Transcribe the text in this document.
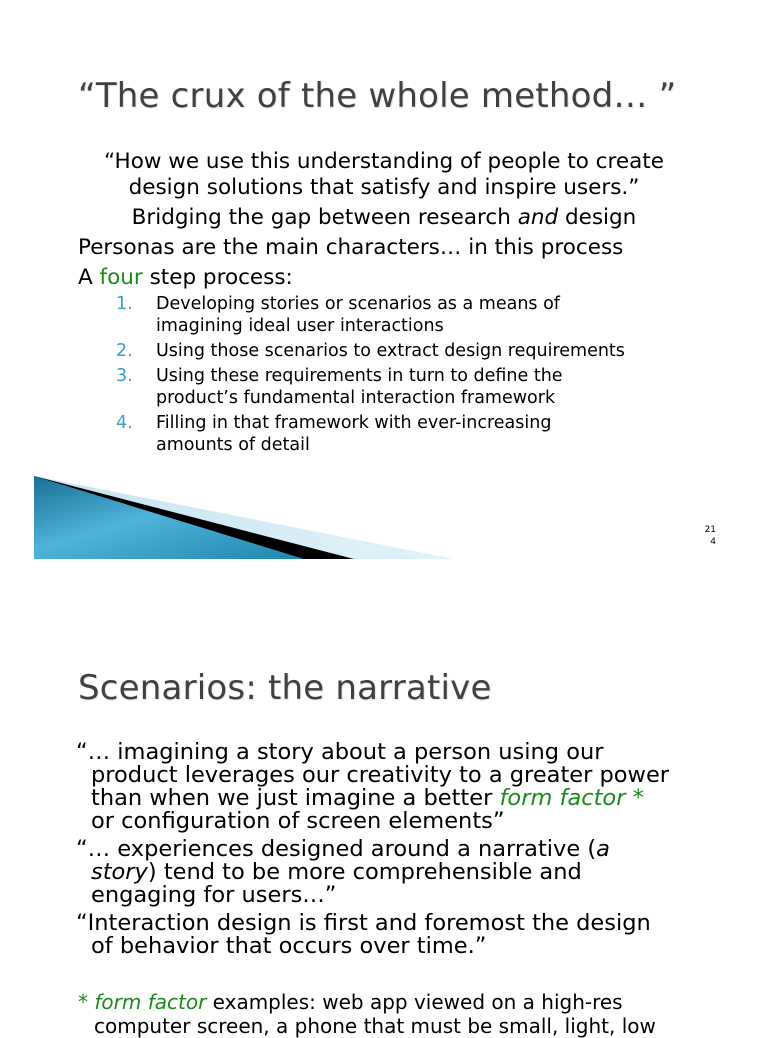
“The crux of the whole method… ”
“How we use this understanding of people to create
design solutions that satisfy and inspire users.”
Bridging the gap between research and design
Personas are the main characters… in this process
A four step process:
1. Developing stories or scenarios as a means of
imagining ideal user interactions
2. Using those scenarios to extract design requirements
3. Using these requirements in turn to define the
product’s fundamental interaction framework
4. Filling in that framework with ever-increasing
amounts of detail
21
4
Scenarios: the narrative
“… imagining a story about a person using our
product leverages our creativity to a greater power
than when we just imagine a better form factor *
or configuration of screen elements”
“… experiences designed around a narrative (a
story) tend to be more comprehensible and
engaging for users…”
“Interaction design is first and foremost the design
of behavior that occurs over time.”
* form factor examples: web app viewed on a high-res
computer screen, a phone that must be small, light, low
